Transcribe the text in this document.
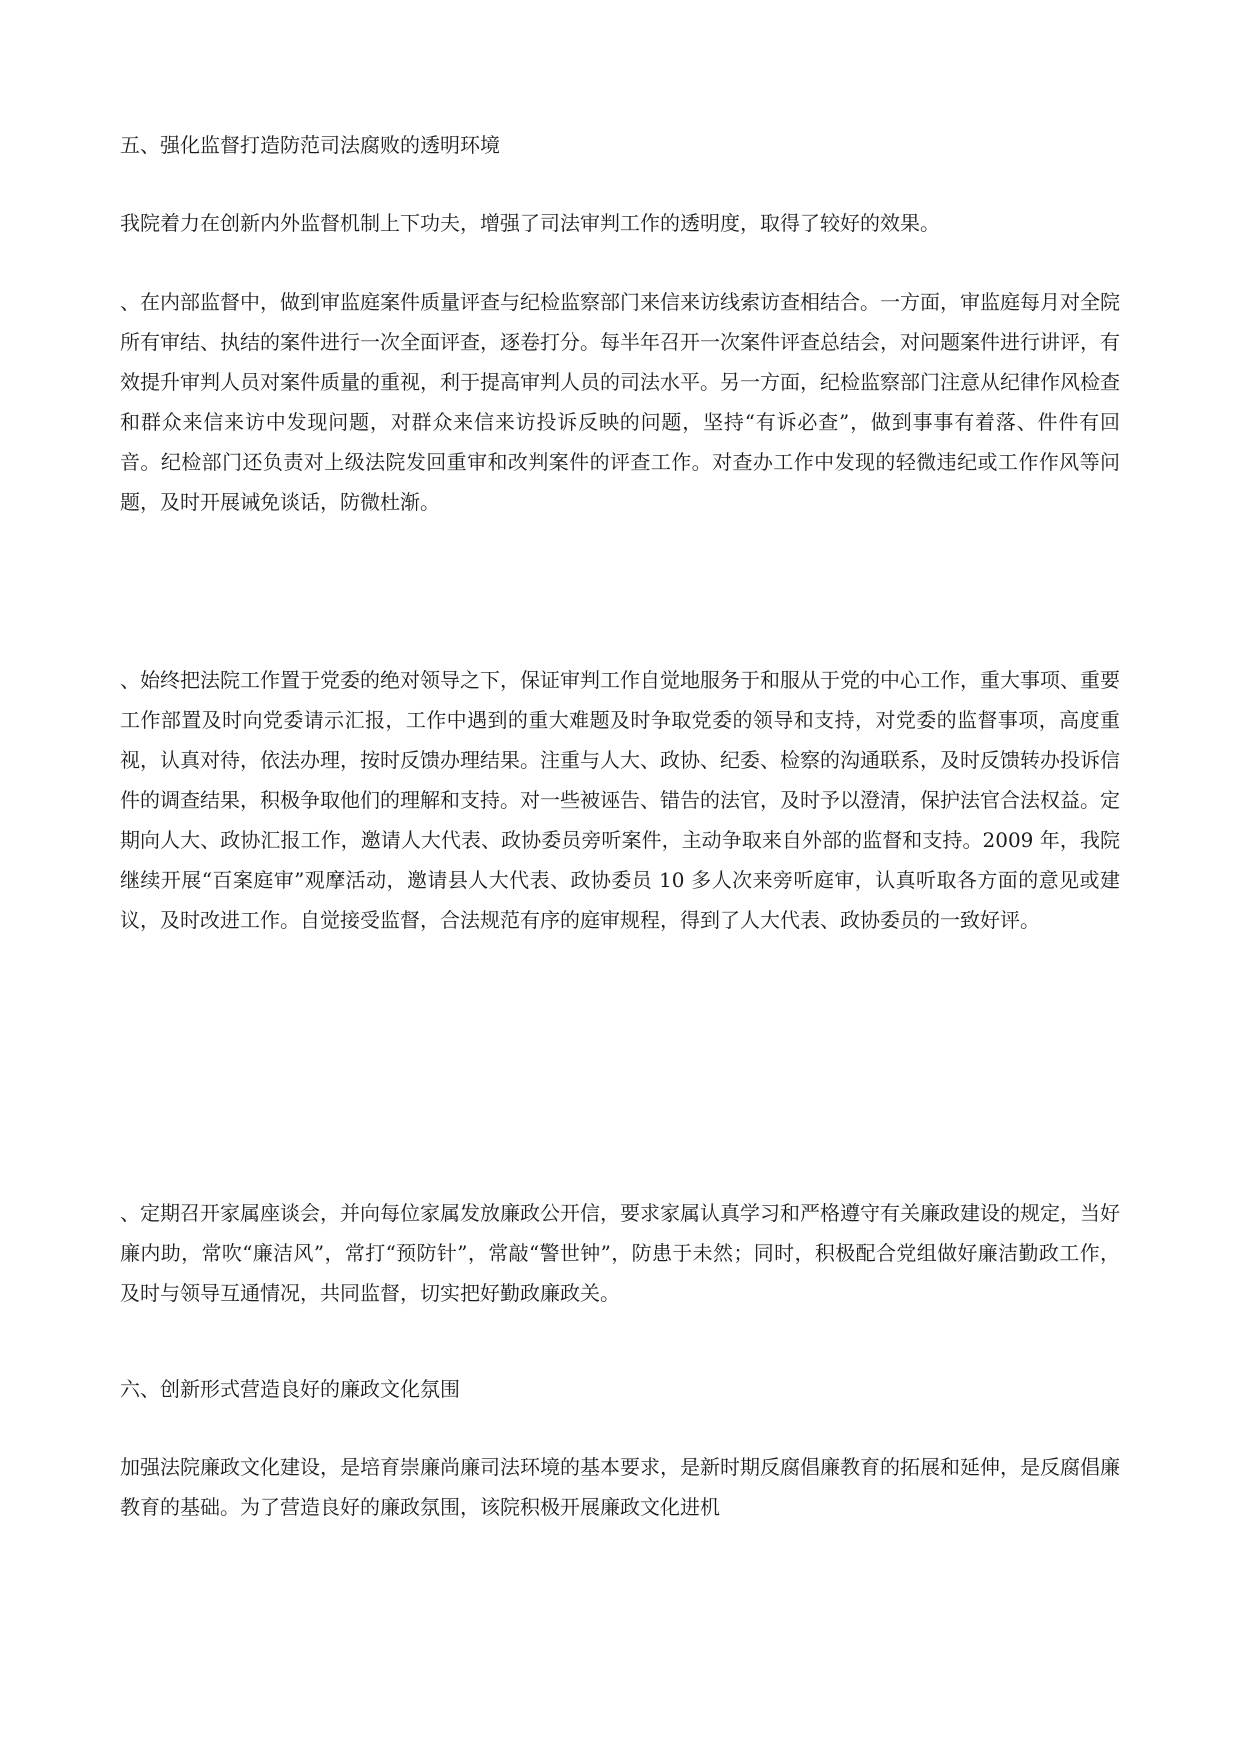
五、强化监督打造防范司法腐败的透明环境

我院着力在创新内外监督机制上下功夫，增强了司法审判工作的透明度，取得了较好的效果。

、在内部监督中，做到审监庭案件质量评查与纪检监察部门来信来访线索访查相结合。一方面，审监庭每月对全院所有审结、执结的案件进行一次全面评查，逐卷打分。每半年召开一次案件评查总结会，对问题案件进行讲评，有效提升审判人员对案件质量的重视，利于提高审判人员的司法水平。另一方面，纪检监察部门注意从纪律作风检查和群众来信来访中发现问题，对群众来信来访投诉反映的问题，坚持“有诉必查”，做到事事有着落、件件有回音。纪检部门还负责对上级法院发回重审和改判案件的评查工作。对查办工作中发现的轻微违纪或工作作风等问题，及时开展诫免谈话，防微杜渐。

、始终把法院工作置于党委的绝对领导之下，保证审判工作自觉地服务于和服从于党的中心工作，重大事项、重要工作部置及时向党委请示汇报，工作中遇到的重大难题及时争取党委的领导和支持，对党委的监督事项，高度重视，认真对待，依法办理，按时反馈办理结果。注重与人大、政协、纪委、检察的沟通联系，及时反馈转办投诉信件的调查结果，积极争取他们的理解和支持。对一些被诬告、错告的法官，及时予以澄清，保护法官合法权益。定期向人大、政协汇报工作，邀请人大代表、政协委员旁听案件，主动争取来自外部的监督和支持。2009 年，我院继续开展“百案庭审”观摩活动，邀请县人大代表、政协委员 10 多人次来旁听庭审，认真听取各方面的意见或建议，及时改进工作。自觉接受监督，合法规范有序的庭审规程，得到了人大代表、政协委员的一致好评。

、定期召开家属座谈会，并向每位家属发放廉政公开信，要求家属认真学习和严格遵守有关廉政建设的规定，当好廉内助，常吹“廉洁风”，常打“预防针”，常敲“警世钟”，防患于未然；同时，积极配合党组做好廉洁勤政工作，及时与领导互通情况，共同监督，切实把好勤政廉政关。

六、创新形式营造良好的廉政文化氛围

加强法院廉政文化建设，是培育崇廉尚廉司法环境的基本要求，是新时期反腐倡廉教育的拓展和延伸，是反腐倡廉教育的基础。为了营造良好的廉政氛围，该院积极开展廉政文化进机
